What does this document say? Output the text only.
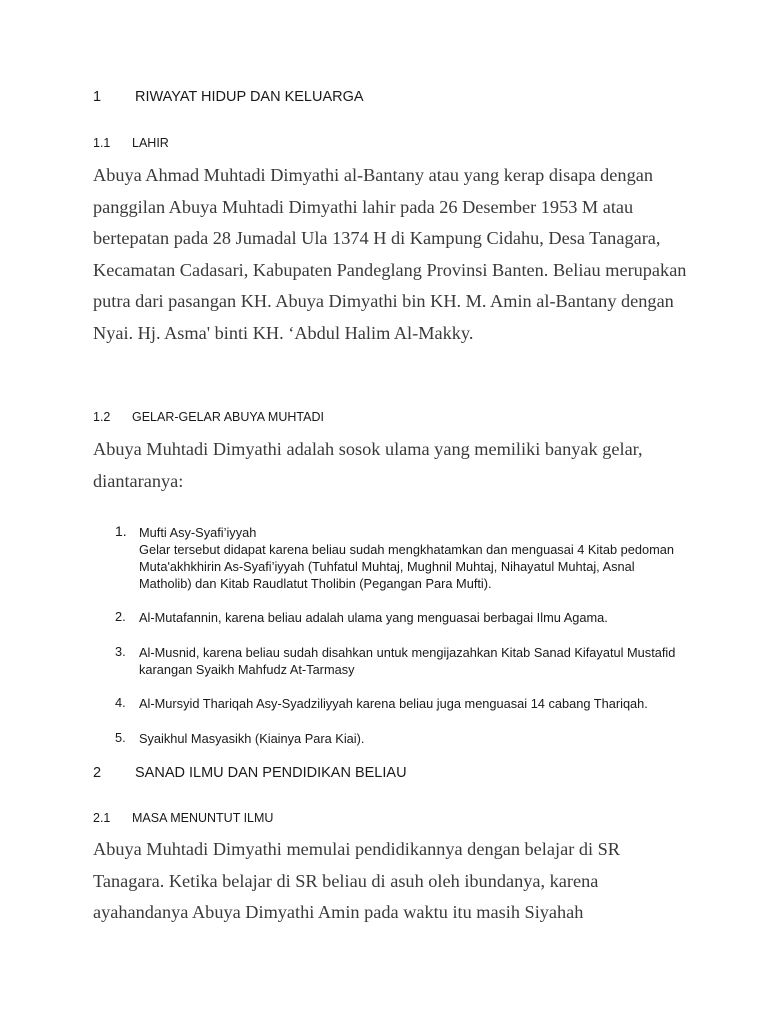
1 RIWAYAT HIDUP DAN KELUARGA
1.1 LAHIR

Abuya Ahmad Muhtadi Dimyathi al-Bantany atau yang kerap disapa dengan panggilan Abuya Muhtadi Dimyathi lahir pada 26 Desember 1953 M atau bertepatan pada 28 Jumadal Ula 1374 H di Kampung Cidahu, Desa Tanagara, Kecamatan Cadasari, Kabupaten Pandeglang Provinsi Banten. Beliau merupakan putra dari pasangan KH. Abuya Dimyathi bin KH. M. Amin al-Bantany dengan Nyai. Hj. Asma' binti KH. ‘Abdul Halim Al-Makky.

1.2 GELAR-GELAR ABUYA MUHTADI

Abuya Muhtadi Dimyathi adalah sosok ulama yang memiliki banyak gelar, diantaranya:

1. Mufti Asy-Syafi’iyyah
Gelar tersebut didapat karena beliau sudah mengkhatamkan dan menguasai 4 Kitab pedoman Muta'akhkhirin As-Syafi’iyyah (Tuhfatul Muhtaj, Mughnil Muhtaj, Nihayatul Muhtaj, Asnal Matholib) dan Kitab Raudlatut Tholibin (Pegangan Para Mufti).
2. Al-Mutafannin, karena beliau adalah ulama yang menguasai berbagai Ilmu Agama.
3. Al-Musnid, karena beliau sudah disahkan untuk mengijazahkan Kitab Sanad Kifayatul Mustafid karangan Syaikh Mahfudz At-Tarmasy
4. Al-Mursyid Thariqah Asy-Syadziliyyah karena beliau juga menguasai 14 cabang Thariqah.
5. Syaikhul Masyasikh (Kiainya Para Kiai).
2 SANAD ILMU DAN PENDIDIKAN BELIAU
2.1 MASA MENUNTUT ILMU

Abuya Muhtadi Dimyathi memulai pendidikannya dengan belajar di SR Tanagara. Ketika belajar di SR beliau di asuh oleh ibundanya, karena ayahandanya Abuya Dimyathi Amin pada waktu itu masih Siyahah
